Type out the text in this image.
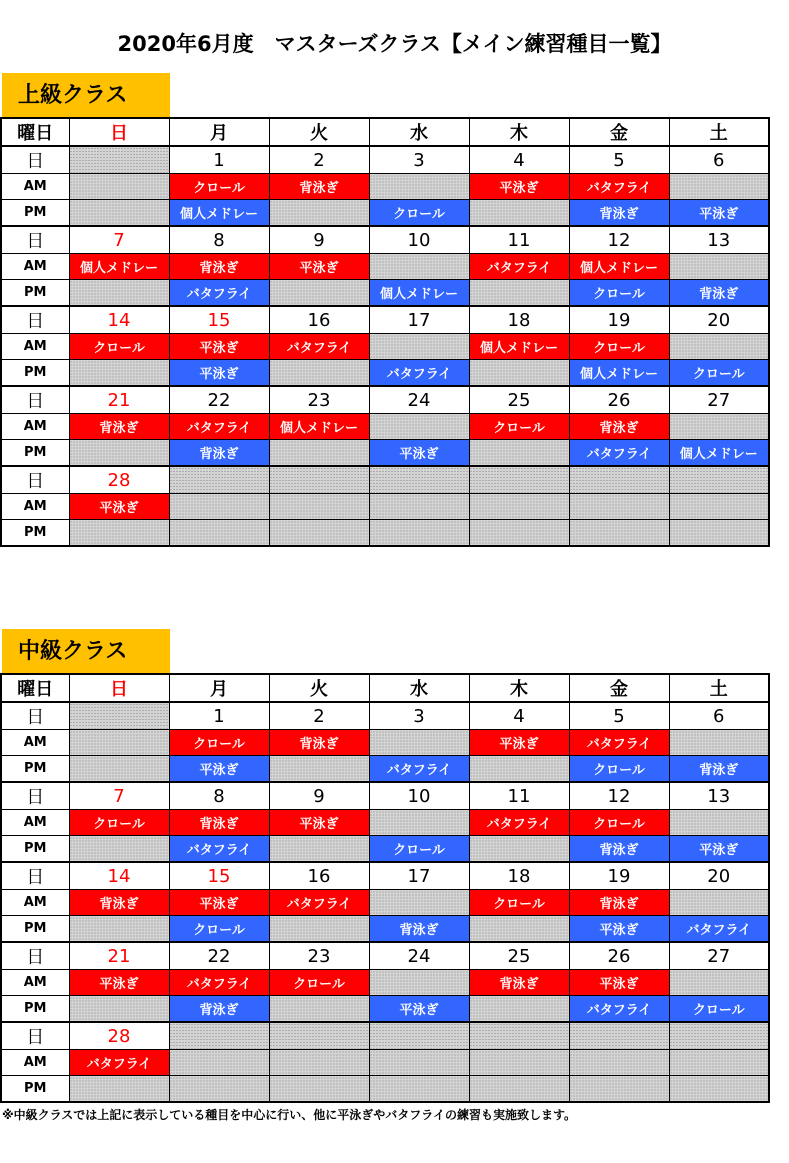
2020年6月度　マスターズクラス【メイン練習種目一覧】
上級クラス
曜日	日	月	火	水	木	金	土
日		1	2	3	4	5	6
AM		クロール	背泳ぎ		平泳ぎ	バタフライ	
PM		個人メドレー		クロール		背泳ぎ	平泳ぎ
日	7	8	9	10	11	12	13
AM	個人メドレー	背泳ぎ	平泳ぎ		バタフライ	個人メドレー	
PM		バタフライ		個人メドレー		クロール	背泳ぎ
日	14	15	16	17	18	19	20
AM	クロール	平泳ぎ	バタフライ		個人メドレー	クロール	
PM		平泳ぎ		バタフライ		個人メドレー	クロール
日	21	22	23	24	25	26	27
AM	背泳ぎ	バタフライ	個人メドレー		クロール	背泳ぎ	
PM		背泳ぎ		平泳ぎ		バタフライ	個人メドレー
日	28						
AM	平泳ぎ						
PM							
中級クラス
曜日	日	月	火	水	木	金	土
日		1	2	3	4	5	6
AM		クロール	背泳ぎ		平泳ぎ	バタフライ	
PM		平泳ぎ		バタフライ		クロール	背泳ぎ
日	7	8	9	10	11	12	13
AM	クロール	背泳ぎ	平泳ぎ		バタフライ	クロール	
PM		バタフライ		クロール		背泳ぎ	平泳ぎ
日	14	15	16	17	18	19	20
AM	背泳ぎ	平泳ぎ	バタフライ		クロール	背泳ぎ	
PM		クロール		背泳ぎ		平泳ぎ	バタフライ
日	21	22	23	24	25	26	27
AM	平泳ぎ	バタフライ	クロール		背泳ぎ	平泳ぎ	
PM		背泳ぎ		平泳ぎ		バタフライ	クロール
日	28						
AM	バタフライ						
PM							
※中級クラスでは上記に表示している種目を中心に行い、他に平泳ぎやバタフライの練習も実施致します。
